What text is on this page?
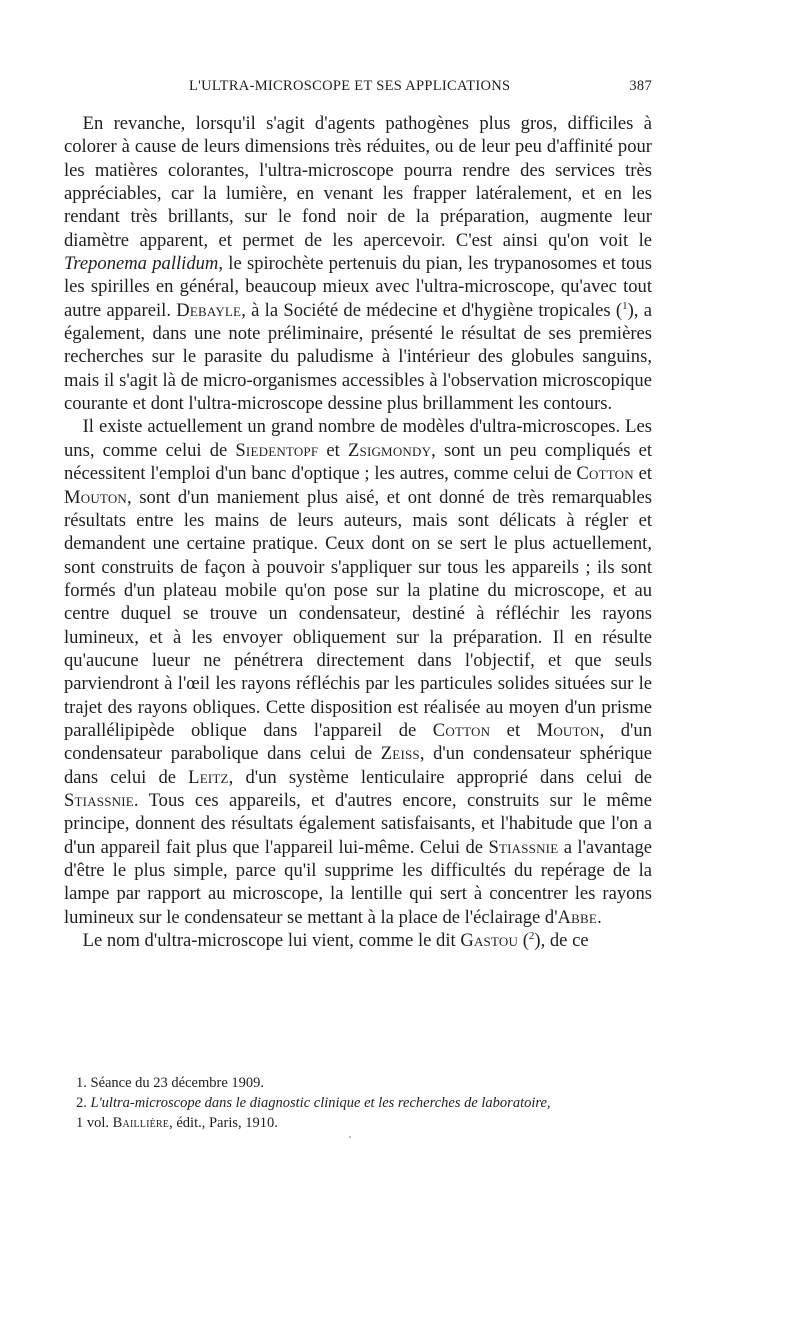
L'ULTRA-MICROSCOPE ET SES APPLICATIONS	387

 En revanche, lorsqu'il s'agit d'agents pathogènes plus gros, difficiles à colorer à cause de leurs dimensions très réduites, ou de leur peu d'affinité pour les matières colorantes, l'ultra-microscope pourra rendre des services très appréciables, car la lumière, en venant les frapper latéralement, et en les rendant très brillants, sur le fond noir de la préparation, augmente leur diamètre apparent, et permet de les apercevoir. C'est ainsi qu'on voit le Treponema pallidum, le spirochète pertenuis du pian, les trypanosomes et tous les spirilles en général, beaucoup mieux avec l'ultra-microscope, qu'avec tout autre appareil. Debayle, à la Société de médecine et d'hygiène tropicales ($^1$), a également, dans une note préliminaire, présenté le résultat de ses premières recherches sur le parasite du paludisme à l'intérieur des globules sanguins, mais il s'agit là de micro-organismes accessibles à l'observation microscopique courante et dont l'ultra-microscope dessine plus brillamment les contours.

 Il existe actuellement un grand nombre de modèles d'ultra-microscopes. Les uns, comme celui de Siedentopf et Zsigmondy, sont un peu compliqués et nécessitent l'emploi d'un banc d'optique ; les autres, comme celui de Cotton et Mouton, sont d'un maniement plus aisé, et ont donné de très remarquables résultats entre les mains de leurs auteurs, mais sont délicats à régler et demandent une certaine pratique. Ceux dont on se sert le plus actuellement, sont construits de façon à pouvoir s'appliquer sur tous les appareils ; ils sont formés d'un plateau mobile qu'on pose sur la platine du microscope, et au centre duquel se trouve un condensateur, destiné à réfléchir les rayons lumineux, et à les envoyer obliquement sur la préparation. Il en résulte qu'aucune lueur ne pénétrera directement dans l'objectif, et que seuls parviendront à l'œil les rayons réfléchis par les particules solides situées sur le trajet des rayons obliques. Cette disposition est réalisée au moyen d'un prisme parallélipipède oblique dans l'appareil de Cotton et Mouton, d'un condensateur parabolique dans celui de Zeiss, d'un condensateur sphérique dans celui de Leitz, d'un système lenticulaire approprié dans celui de Stiassnie. Tous ces appareils, et d'autres encore, construits sur le même principe, donnent des résultats également satisfaisants, et l'habitude que l'on a d'un appareil fait plus que l'appareil lui-même. Celui de Stiassnie a l'avantage d'être le plus simple, parce qu'il supprime les difficultés du repérage de la lampe par rapport au microscope, la lentille qui sert à concentrer les rayons lumineux sur le condensateur se mettant à la place de l'éclairage d'Abbe.

 Le nom d'ultra-microscope lui vient, comme le dit Gastou ($^2$), de ce

1. Séance du 23 décembre 1909.

2. L'ultra-microscope dans le diagnostic clinique et les recherches de laboratoire,
1 vol. Baillière, édit., Paris, 1910.
